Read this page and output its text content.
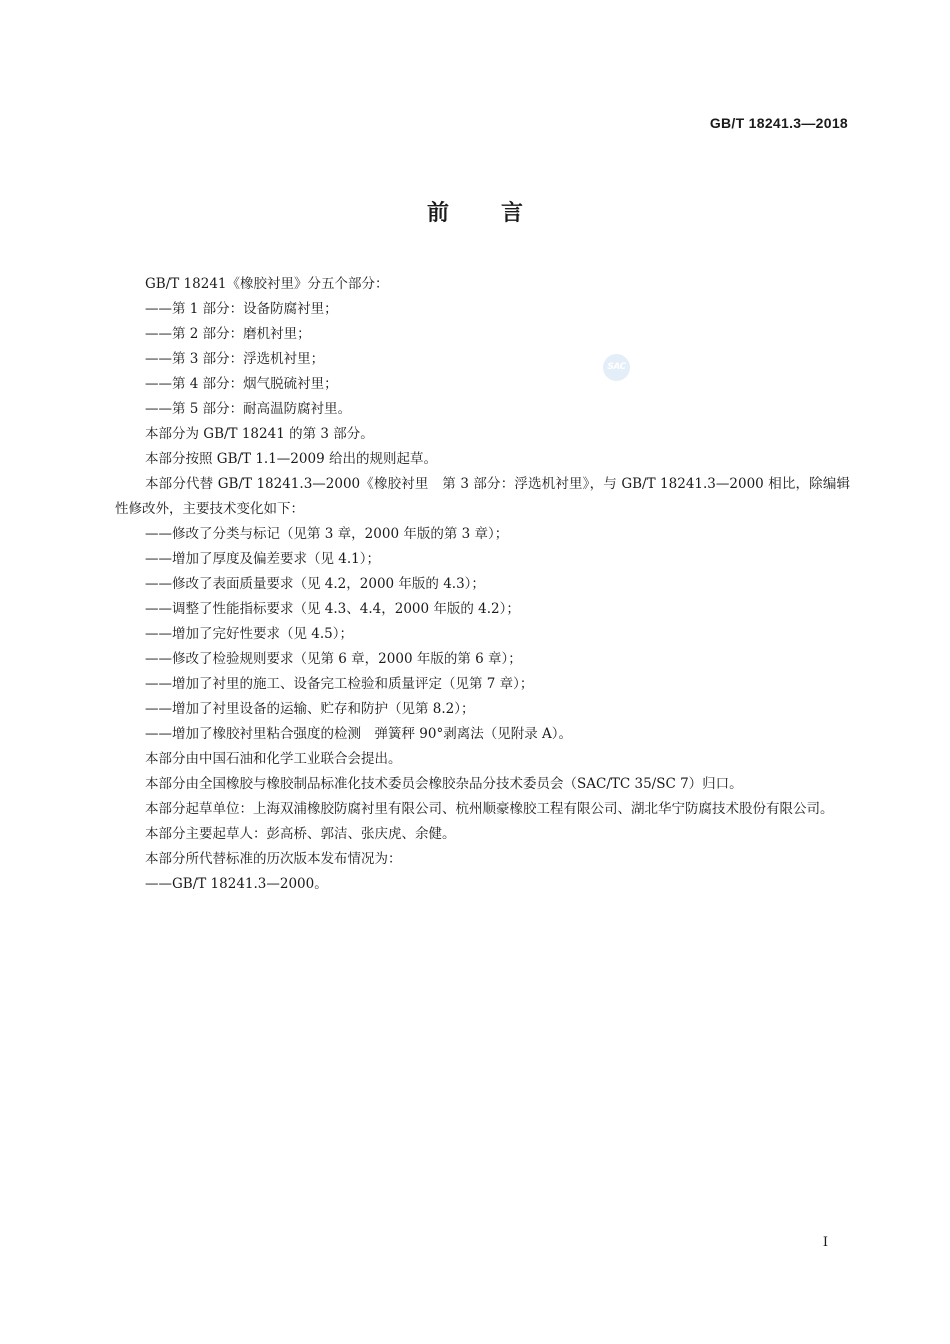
GB/T 18241.3—2018
前言
SAC

GB/T 18241《橡胶衬里》分五个部分：

——第 1 部分：设备防腐衬里；

——第 2 部分：磨机衬里；

——第 3 部分：浮选机衬里；

——第 4 部分：烟气脱硫衬里；

——第 5 部分：耐高温防腐衬里。

本部分为 GB/T 18241 的第 3 部分。

本部分按照 GB/T 1.1—2009 给出的规则起草。

本部分代替 GB/T 18241.3—2000《橡胶衬里　第 3 部分：浮选机衬里》，与 GB/T 18241.3—2000 相比，除编辑性修改外，主要技术变化如下：

——修改了分类与标记（见第 3 章，2000 年版的第 3 章）；

——增加了厚度及偏差要求（见 4.1）；

——修改了表面质量要求（见 4.2，2000 年版的 4.3）；

——调整了性能指标要求（见 4.3、4.4，2000 年版的 4.2）；

——增加了完好性要求（见 4.5）；

——修改了检验规则要求（见第 6 章，2000 年版的第 6 章）；

——增加了衬里的施工、设备完工检验和质量评定（见第 7 章）；

——增加了衬里设备的运输、贮存和防护（见第 8.2）；

——增加了橡胶衬里粘合强度的检测　弹簧秤 90°剥离法（见附录 A）。

本部分由中国石油和化学工业联合会提出。

本部分由全国橡胶与橡胶制品标准化技术委员会橡胶杂品分技术委员会（SAC/TC 35/SC 7）归口。

本部分起草单位：上海双浦橡胶防腐衬里有限公司、杭州顺豪橡胶工程有限公司、湖北华宁防腐技术股份有限公司。

本部分主要起草人：彭高桥、郭洁、张庆虎、余健。

本部分所代替标准的历次版本发布情况为：

——GB/T 18241.3—2000。

I
